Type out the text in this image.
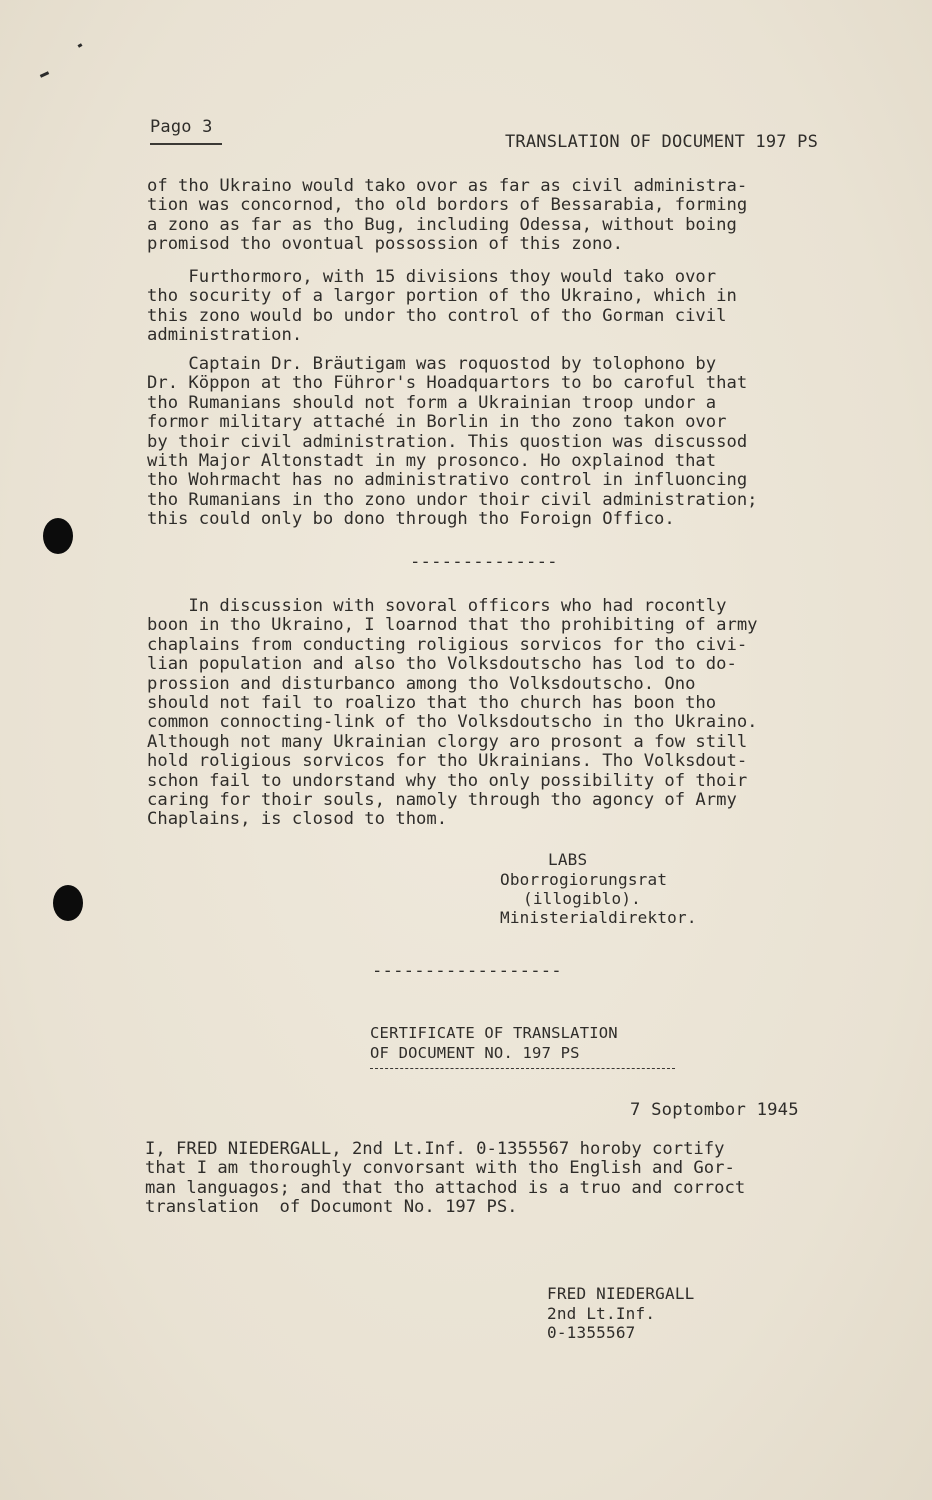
Pago 3
TRANSLATION OF DOCUMENT 197 PS
of tho Ukraino would tako ovor as far as civil administra-
tion was concornod, tho old bordors of Bessarabia, forming
a zono as far as tho Bug, including Odessa, without boing
promisod tho ovontual possossion of this zono.
Furthormoro, with 15 divisions thoy would tako ovor
tho socurity of a largor portion of tho Ukraino, which in
this zono would bo undor tho control of tho Gorman civil
administration.
Captain Dr. Bräutigam was roquostod by tolophono by
Dr. Köppon at tho Führor's Hoadquartors to bo caroful that
tho Rumanians should not form a Ukrainian troop undor a
formor military attaché in Borlin in tho zono takon ovor
by thoir civil administration. This quostion was discussod
with Major Altonstadt in my prosonco. Ho oxplainod that
tho Wohrmacht has no administrativo control in influoncing
tho Rumanians in tho zono undor thoir civil administration;
this could only bo dono through tho Foroign Offico.
--------------
In discussion with sovoral officors who had rocontly
boon in tho Ukraino, I loarnod that tho prohibiting of army
chaplains from conducting roligious sorvicos for tho civi-
lian population and also tho Volksdoutscho has lod to do-
prossion and disturbanco among tho Volksdoutscho. Ono
should not fail to roalizo that tho church has boon tho
common connocting-link of tho Volksdoutscho in tho Ukraino.
Although not many Ukrainian clorgy aro prosont a fow still
hold roligious sorvicos for tho Ukrainians. Tho Volksdout-
schon fail to undorstand why tho only possibility of thoir
caring for thoir souls, namoly through tho agoncy of Army
Chaplains, is closod to thom.
LABS
Oborrogiorungsrat
(illogiblo).
Ministerialdirektor.
------------------
CERTIFICATE OF TRANSLATION
OF DOCUMENT NO. 197 PS
7 Soptombor 1945
I, FRED NIEDERGALL, 2nd Lt.Inf. 0-1355567 horoby cortify
that I am thoroughly convorsant with tho English and Gor-
man languagos; and that tho attachod is a truo and corroct
translation  of Documont No. 197 PS.
FRED NIEDERGALL
2nd Lt.Inf.
0-1355567
